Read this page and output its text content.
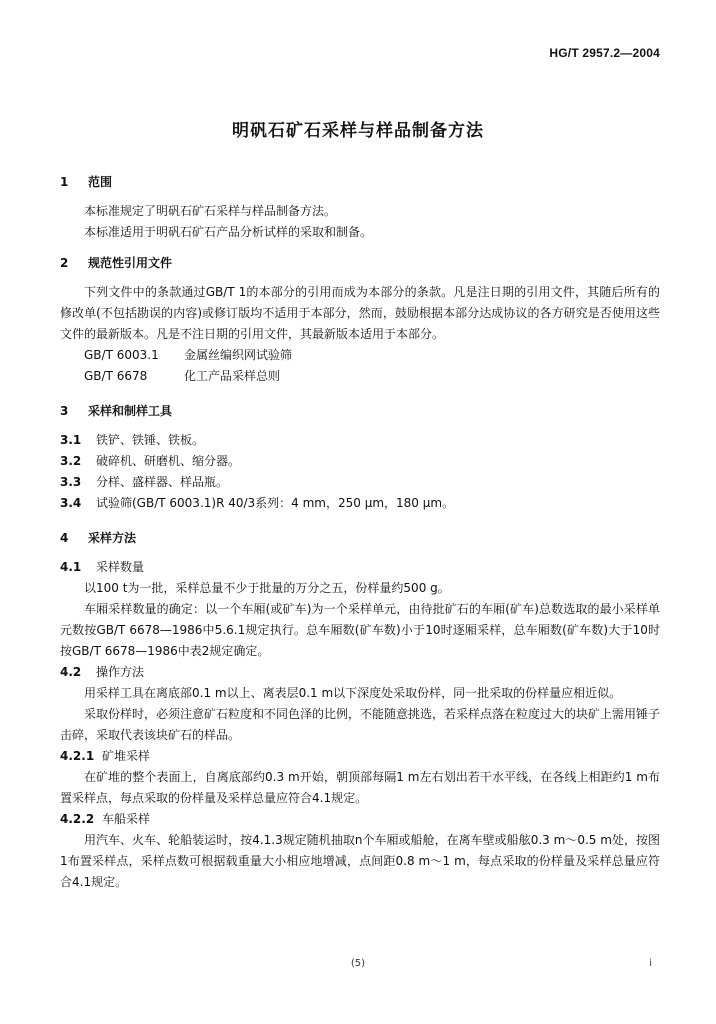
HG/T 2957.2—2004
明矾石矿石采样与样品制备方法
1 范围
本标准规定了明矾石矿石采样与样品制备方法。
本标准适用于明矾石矿石产品分析试样的采取和制备。
2 规范性引用文件
下列文件中的条款通过GB/T 1的本部分的引用而成为本部分的条款。凡是注日期的引用文件，其随后所有的修改单(不包括勘误的内容)或修订版均不适用于本部分，然而，鼓励根据本部分达成协议的各方研究是否使用这些文件的最新版本。凡是不注日期的引用文件，其最新版本适用于本部分。
GB/T 6003.1 金属丝编织网试验筛
GB/T 6678	化工产品采样总则
3 采样和制样工具
3.1 铁铲、铁锤、铁板。
3.2 破碎机、研磨机、缩分器。
3.3 分样、盛样器、样品瓶。
3.4 试验筛(GB/T 6003.1)R 40/3系列：4 mm，250 μm，180 μm。
4 采样方法
4.1 采样数量
以100 t为一批，采样总量不少于批量的万分之五，份样量约500 g。
车厢采样数量的确定：以一个车厢(或矿车)为一个采样单元，由待批矿石的车厢(矿车)总数选取的最小采样单元数按GB/T 6678—1986中5.6.1规定执行。总车厢数(矿车数)小于10时逐厢采样，总车厢数(矿车数)大于10时按GB/T 6678—1986中表2规定确定。
4.2 操作方法
用采样工具在离底部0.1 m以上、离表层0.1 m以下深度处采取份样，同一批采取的份样量应相近似。
采取份样时，必须注意矿石粒度和不同色泽的比例，不能随意挑选，若采样点落在粒度过大的块矿上需用锤子击碎，采取代表该块矿石的样品。
4.2.1 矿堆采样
在矿堆的整个表面上，自离底部约0.3 m开始，朝顶部每隔1 m左右划出若干水平线，在各线上相距约1 m布置采样点，每点采取的份样量及采样总量应符合4.1规定。
4.2.2 车船采样
用汽车、火车、轮船装运时，按4.1.3规定随机抽取n个车厢或船舱，在离车壁或船舷0.3 m～0.5 m处，按图1布置采样点，采样点数可根据载重量大小相应地增减，点间距0.8 m～1 m，每点采取的份样量及采样总量应符合4.1规定。
(5)	i
